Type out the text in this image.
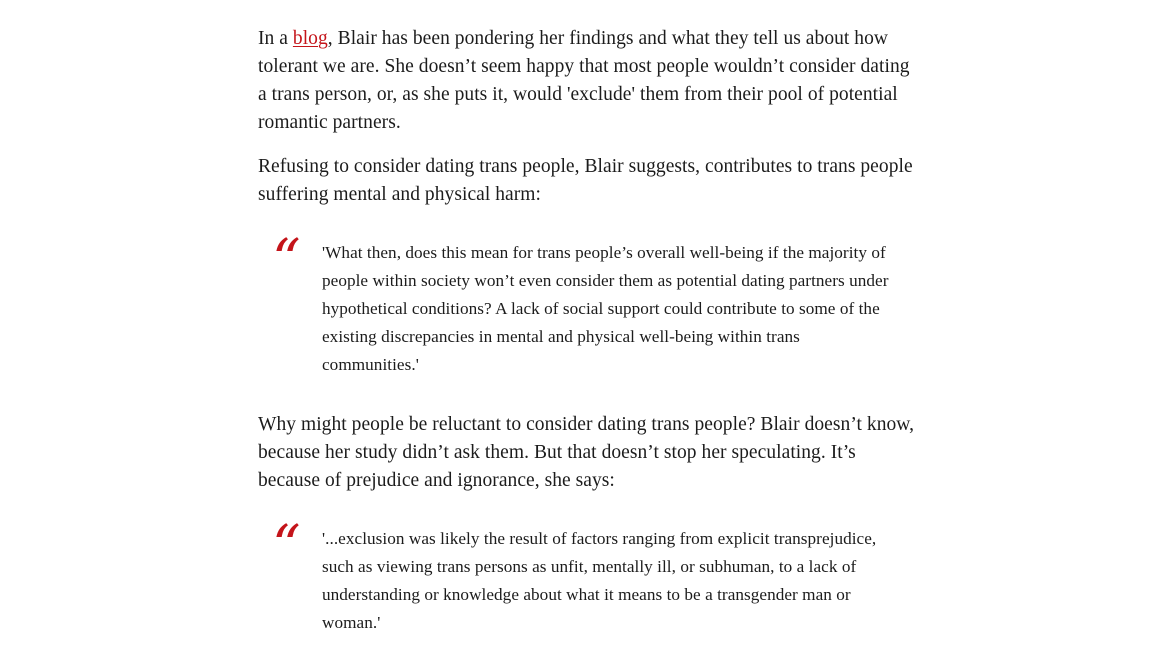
In a blog, Blair has been pondering her findings and what they tell us about how tolerant we are. She doesn’t seem happy that most people wouldn’t consider dating a trans person, or, as she puts it, would 'exclude' them from their pool of potential romantic partners.

Refusing to consider dating trans people, Blair suggests, contributes to trans people suffering mental and physical harm:

“ 'What then, does this mean for trans people’s overall well-being if the majority of people within society won’t even consider them as potential dating partners under hypothetical conditions? A lack of social support could contribute to some of the existing discrepancies in mental and physical well-being within trans communities.'

Why might people be reluctant to consider dating trans people? Blair doesn’t know, because her study didn’t ask them. But that doesn’t stop her speculating. It’s because of prejudice and ignorance, she says:

“ '...exclusion was likely the result of factors ranging from explicit transprejudice, such as viewing trans persons as unfit, mentally ill, or subhuman, to a lack of understanding or knowledge about what it means to be a transgender man or woman.'
